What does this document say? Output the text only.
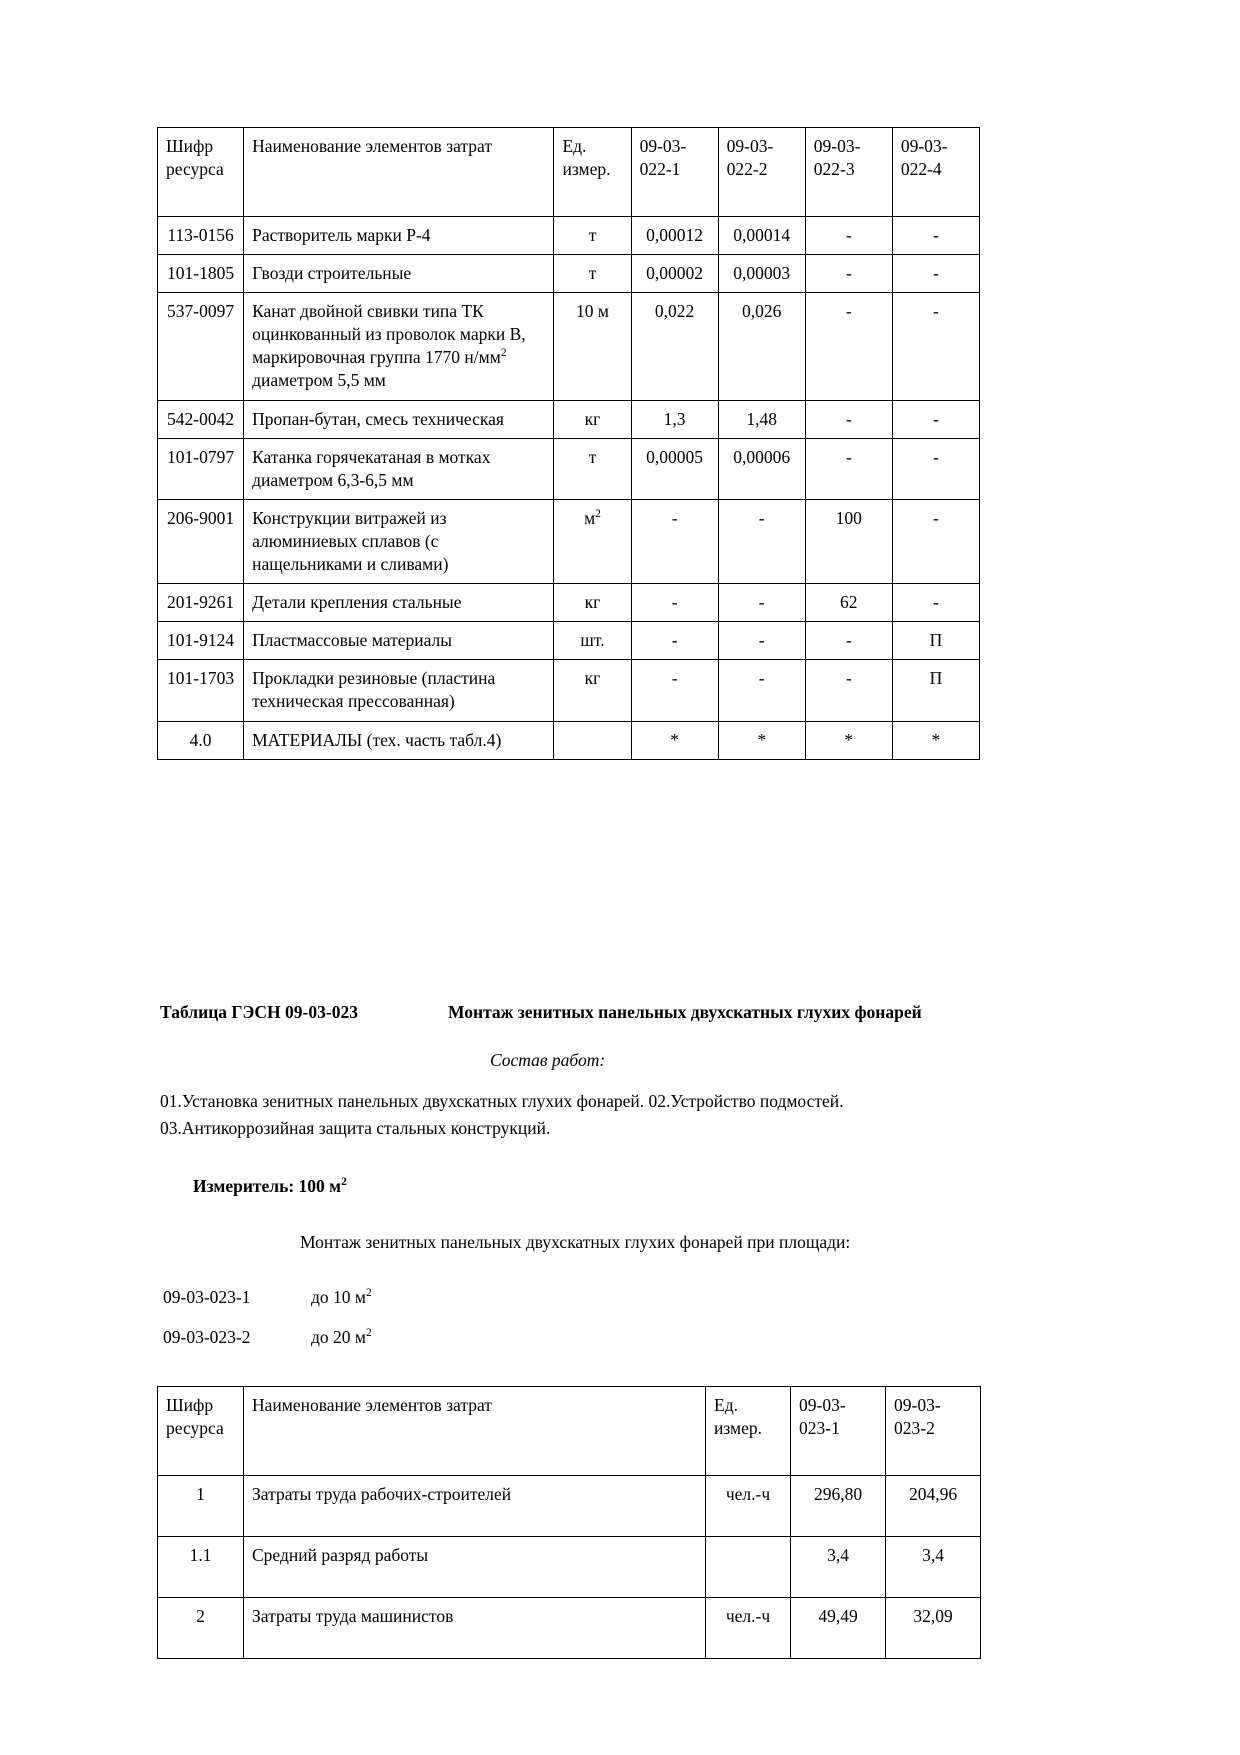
Шифр ресурса	Наименование элементов затрат	Ед. измер.	09-03-022-1	09-03-022-2	09-03-022-3	09-03-022-4
113-0156	Растворитель марки Р-4	т	0,00012	0,00014	-	-
101-1805	Гвозди строительные	т	0,00002	0,00003	-	-
537-0097	Канат двойной свивки типа ТК оцинкованный из проволок марки В, маркировочная группа 1770 $н/мм^2$ диаметром 5,5 мм	10 м	0,022	0,026	-	-
542-0042	Пропан-бутан, смесь техническая	кг	1,3	1,48	-	-
101-0797	Катанка горячекатаная в мотках диаметром 6,3-6,5 мм	т	0,00005	0,00006	-	-
206-9001	Конструкции витражей из алюминиевых сплавов (с нащельниками и сливами)	$м^2$	-	-	100	-
201-9261	Детали крепления стальные	кг	-	-	62	-
101-9124	Пластмассовые материалы	шт.	-	-	-	П
101-1703	Прокладки резиновые (пластина техническая прессованная)	кг	-	-	-	П
4.0	МАТЕРИАЛЫ (тех. часть табл.4)		*	*	*	*
Таблица ГЭСН 09-03-023	Монтаж зенитных панельных двухскатных глухих фонарей
Состав работ:
01.Установка зенитных панельных двухскатных глухих фонарей. 02.Устройство подмостей. 03.Антикоррозийная защита стальных конструкций.
Измеритель: 100 $м^2$
Монтаж зенитных панельных двухскатных глухих фонарей при площади:
09-03-023-1	до 10 $м^2$
09-03-023-2	до 20 $м^2$
Шифр ресурса	Наименование элементов затрат	Ед. измер.	09-03-023-1	09-03-023-2
1	Затраты труда рабочих-строителей	чел.-ч	296,80	204,96
1.1	Средний разряд работы		3,4	3,4
2	Затраты труда машинистов	чел.-ч	49,49	32,09
